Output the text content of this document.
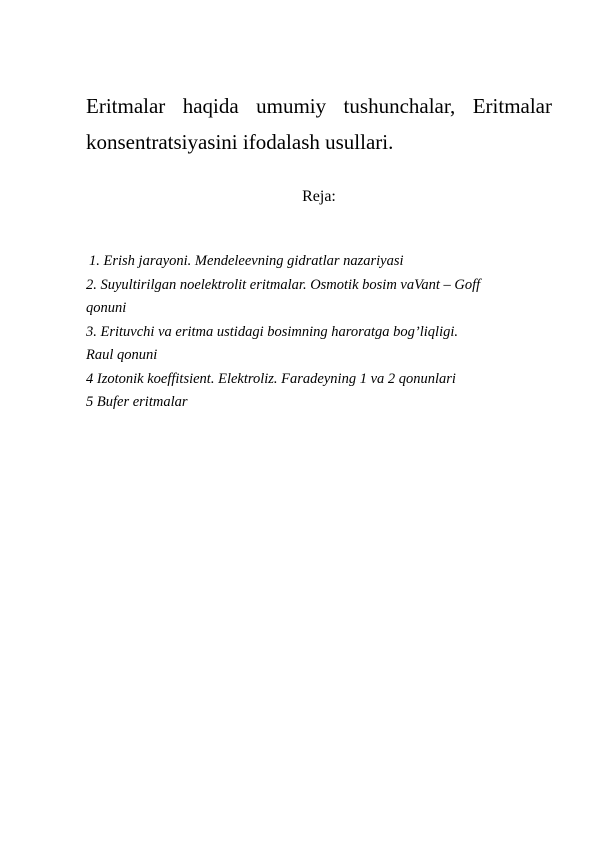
Eritmalar haqida umumiy tushunchalar, Eritmalar
konsentratsiyasini ifodalash usullari.

Reja:

1. Erish jarayoni. Mendeleevning gidratlar nazariyasi
2. Suyultirilgan noelektrolit eritmalar. Osmotik bosim vaVant – Goff
qonuni
3. Erituvchi va eritma ustidagi bosimning haroratga bog’liqligi.
Raul qonuni
4 Izotonik koeffitsient. Elektroliz. Faradeyning 1 va 2 qonunlari
5 Bufer eritmalar
